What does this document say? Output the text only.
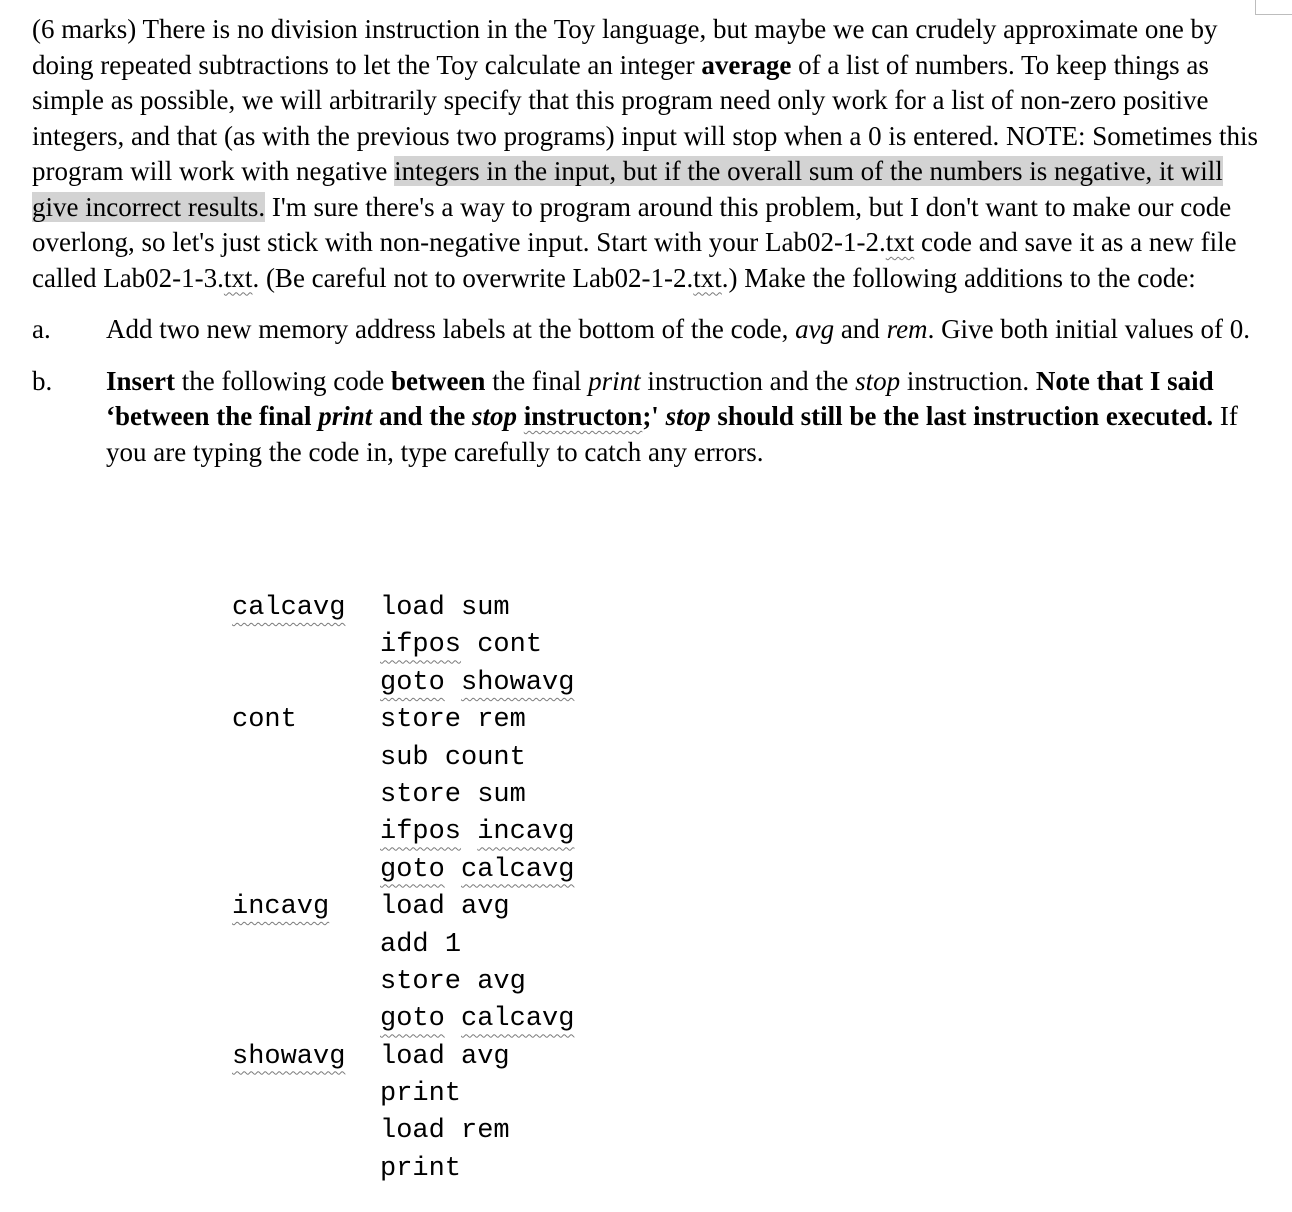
(6 marks) There is no division instruction in the Toy language, but maybe we can crudely approximate one by doing repeated subtractions to let the Toy calculate an integer average of a list of numbers. To keep things as simple as possible, we will arbitrarily specify that this program need only work for a list of non-zero positive integers, and that (as with the previous two programs) input will stop when a 0 is entered. NOTE: Sometimes this program will work with negative integers in the input, but if the overall sum of the numbers is negative, it will give incorrect results. I'm sure there's a way to program around this problem, but I don't want to make our code overlong, so let's just stick with non-negative input. Start with your Lab02-1-2.txt code and save it as a new file called Lab02-1-3.txt. (Be careful not to overwrite Lab02-1-2.txt.) Make the following additions to the code:

a. Add two new memory address labels at the bottom of the code, avg and rem. Give both initial values of 0.
b. Insert the following code between the final print instruction and the stop instruction. Note that I said ‘between the final print and the stop instructon;' stop should still be the last instruction executed. If you are typing the code in, type carefully to catch any errors.
calcavg load sum
ifpos cont
goto showavg
cont	store rem
sub count
store sum
ifpos incavg
goto calcavg
incavg load avg
add 1
store avg
goto calcavg
showavg load avg
print
load rem
print
